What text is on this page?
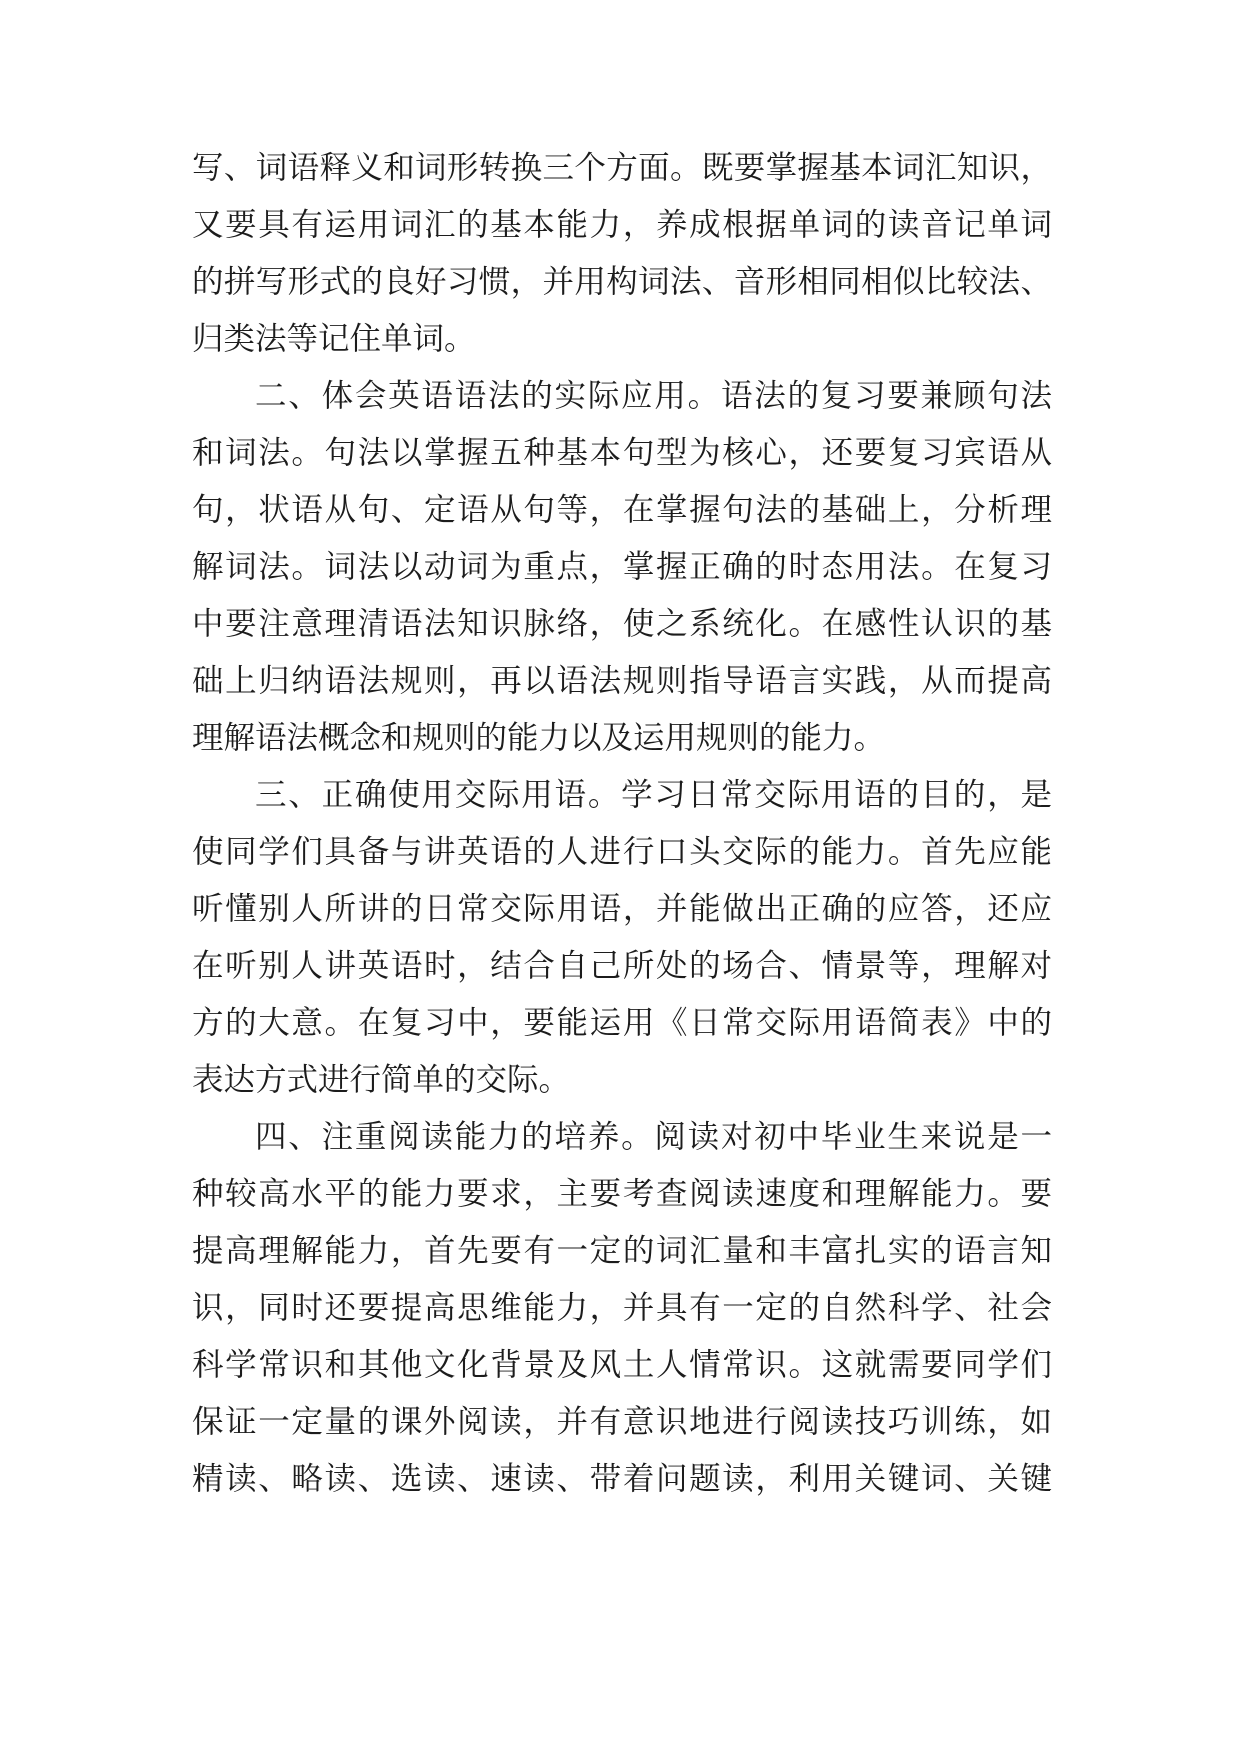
写、词语释义和词形转换三个方面。既要掌握基本词汇知识，
又要具有运用词汇的基本能力，养成根据单词的读音记单词
的拼写形式的良好习惯，并用构词法、音形相同相似比较法、
归类法等记住单词。
二、体会英语语法的实际应用。语法的复习要兼顾句法
和词法。句法以掌握五种基本句型为核心，还要复习宾语从
句，状语从句、定语从句等，在掌握句法的基础上，分析理
解词法。词法以动词为重点，掌握正确的时态用法。在复习
中要注意理清语法知识脉络，使之系统化。在感性认识的基
础上归纳语法规则，再以语法规则指导语言实践，从而提高
理解语法概念和规则的能力以及运用规则的能力。
三、正确使用交际用语。学习日常交际用语的目的，是
使同学们具备与讲英语的人进行口头交际的能力。首先应能
听懂别人所讲的日常交际用语，并能做出正确的应答，还应
在听别人讲英语时，结合自己所处的场合、情景等，理解对
方的大意。在复习中，要能运用《日常交际用语简表》中的
表达方式进行简单的交际。
四、注重阅读能力的培养。阅读对初中毕业生来说是一
种较高水平的能力要求，主要考查阅读速度和理解能力。要
提高理解能力，首先要有一定的词汇量和丰富扎实的语言知
识，同时还要提高思维能力，并具有一定的自然科学、社会
科学常识和其他文化背景及风土人情常识。这就需要同学们
保证一定量的课外阅读，并有意识地进行阅读技巧训练，如
精读、略读、选读、速读、带着问题读，利用关键词、关键
